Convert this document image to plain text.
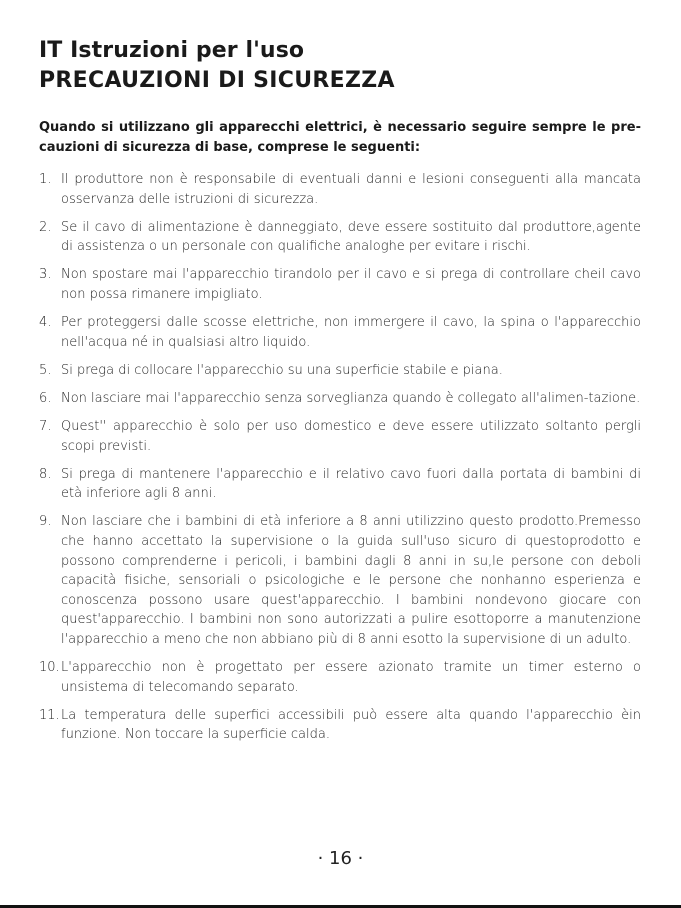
IT Istruzioni per l'uso
PRECAUZIONI DI SICUREZZA

Quando si utilizzano gli apparecchi elettrici, è necessario seguire sempre le pre-cauzioni di sicurezza di base, comprese le seguenti:

1. Il produttore non è responsabile di eventuali danni e lesioni conseguenti alla mancata osservanza delle istruzioni di sicurezza.
2. Se il cavo di alimentazione è danneggiato, deve essere sostituito dal produttore,agente di assistenza o un personale con qualifiche analoghe per evitare i rischi.
3. Non spostare mai l'apparecchio tirandolo per il cavo e si prega di controllare cheil cavo non possa rimanere impigliato.
4. Per proteggersi dalle scosse elettriche, non immergere il cavo, la spina o l'apparecchio nell'acqua né in qualsiasi altro liquido.
5. Si prega di collocare l'apparecchio su una superficie stabile e piana.
6. Non lasciare mai l'apparecchio senza sorveglianza quando è collegato all'alimen-tazione.
7. Quest'' apparecchio è solo per uso domestico e deve essere utilizzato soltanto pergli scopi previsti.
8. Si prega di mantenere l'apparecchio e il relativo cavo fuori dalla portata di bambini di età inferiore agli 8 anni.
9. Non lasciare che i bambini di età inferiore a 8 anni utilizzino questo prodotto.Premesso che hanno accettato la supervisione o la guida sull'uso sicuro di questoprodotto e possono comprenderne i pericoli, i bambini dagli 8 anni in su,le persone con deboli capacità fisiche, sensoriali o psicologiche e le persone che nonhanno esperienza e conoscenza possono usare quest'apparecchio. I bambini nondevono giocare con quest'apparecchio. I bambini non sono autorizzati a pulire esottoporre a manutenzione l'apparecchio a meno che non abbiano più di 8 anni esotto la supervisione di un adulto.
10. L'apparecchio non è progettato per essere azionato tramite un timer esterno o unsistema di telecomando separato.
11. La temperatura delle superfici accessibili può essere alta quando l'apparecchio èin funzione. Non toccare la superficie calda.
· 16 ·
